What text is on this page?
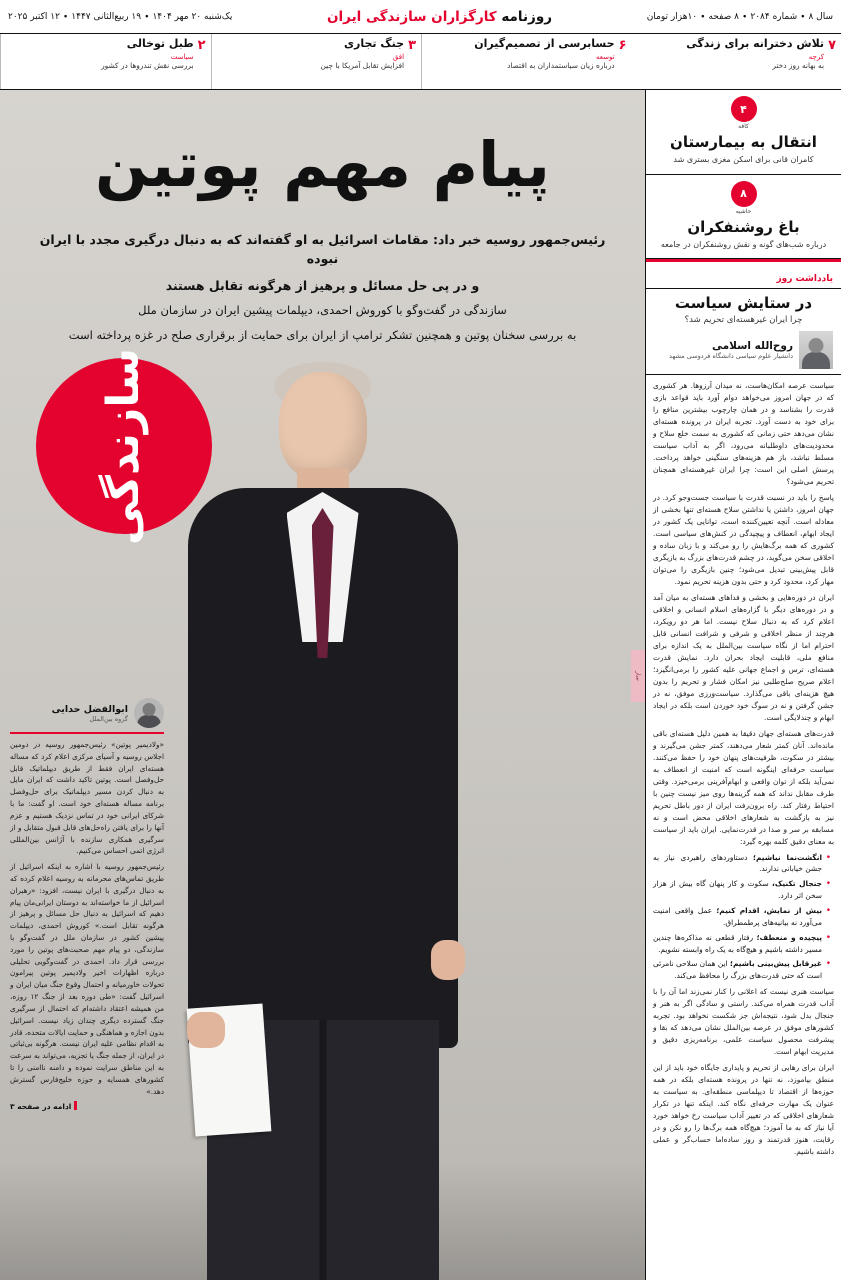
سال ۸ ∙ شماره ۲۰۸۴ ∙ ۸ صفحه ∙ ۱۰هزار تومان
روزنامه کارگزاران سازندگی ایران
یک‌شنبه ۲۰ مهر ۱۴۰۴ ∙ ۱۹ ربیع‌الثانی ۱۴۴۷ ∙ ۱۲ اکتبر ۲۰۲۵
۲
طبل توخالی
سیاست
بررسی نقش تندروها در کشور
۳
جنگ تجاری
افق
افزایش تقابل آمریکا با چین
۶
حسابرسی از تصمیم‌گیران
توسعه
درباره زیان سیاستمداران به اقتصاد
۷
تلاش دخترانه برای زندگی
کرچه
به بهانه روز دختر
۴
کافه
انتقال به بیمارستان

کامران قانی برای اسکن مغزی بستری شد

۸
حاشیه
باغ روشنفکران

درباره شب‌های گونه و نقش روشنفکران در جامعه

یادداشت روز
در ستایش سیاست
چرا ایران غیرهسته‌ای تحریم شد؟
روح‌الله اسلامی
دانشیار علوم سیاسی دانشگاه فردوسی مشهد

سیاست عرصه امکان‌هاست، نه میدان آرزوها. هر کشوری که در جهان امروز می‌خواهد دوام آورد باید قواعد بازی قدرت را بشناسد و در همان چارچوب بیشترین منافع را برای خود به دست آورد. تجربه ایران در پرونده هسته‌ای نشان می‌دهد حتی زمانی که کشوری به ‌سمت خلع سلاح و محدودیت‌های داوطلبانه می‌رود، اگر به آداب سیاست مسلط نباشد، باز هم هزینه‌های سنگینی خواهد پرداخت. پرسش اصلی این است: چرا ایران غیرهسته‌ای همچنان تحریم می‌شود؟

پاسخ را باید در نسبت قدرت با سیاست جست‌وجو کرد. در جهان امروز، داشتن یا نداشتن سلاح هسته‌ای تنها بخشی از معادله است. آنچه تعیین‌کننده است، توانایی یک کشور در ایجاد ابهام، انعطاف و پیچیدگی در کنش‌های سیاسی است. کشوری که همه برگ‌هایش را رو می‌کند و با زبان ساده و اخلاقی سخن می‌گوید، در چشم قدرت‌های بزرگ به بازیگری قابل پیش‌بینی تبدیل می‌شود؛ چنین بازیگری را می‌توان مهار کرد، محدود کرد و حتی بدون هزینه تحریم نمود.

ایران در دوره‌هایی و بخشی و فداهای هسته‌ای به میان آمد و در دوره‌های دیگر با گزاره‌های اسلام انسانی و اخلاقی اعلام کرد که به دنبال سلاح نیست. اما هر دو رویکرد، هرچند از منظر اخلاقی و شرفی و شرافت انسانی قابل احترام اما از نگاه سیاست بین‌الملل به یک اندازه برای منافع ملی، قابلیت ایجاد بحران دارد. نمایش قدرت هسته‌ای، ترس و اجماع جهانی علیه کشور را برمی‌انگیزد؛ اعلام صریح صلح‌طلبی نیز امکان فشار و تحریم را بدون هیچ هزینه‌ای باقی می‌گذارد. سیاست‌ورزی موفق، نه در جشن گرفتن و نه در سوگ خود خوردن است بلکه در ایجاد ابهام و چندلایگی است.

قدرت‌های هسته‌ای جهان دقیقا به همین دلیل هسته‌ای باقی مانده‌اند. آنان کمتر شعار می‌دهند، کمتر جشن می‌گیرند و بیشتر در سکوت، ظرفیت‌های پنهان خود را حفظ می‌کنند. سیاست حرفه‌ای اینگونه است که امنیت از انعطاف به‌ نمی‌آید بلکه از توان واقعی و ابهام‌آفرینی برمی‌خیزد. وقتی طرف مقابل نداند که همه گزینه‌ها روی میز نیست چنین با احتیاط رفتار کند. راه برون‌رفت ایران از دور باطل تحریم نیز به بازگشت به شعارهای اخلاقی محض است و نه مسابقه بر سر و صدا در قدرت‌نمایی. ایران باید از سیاست به معنای دقیق کلمه بهره گیرد:

• انگشت‌نما نباشیم؛ دستاوردهای راهبردی نیاز به جشن خیابانی ندارند.
• جنجال تکنیک، سکوت و کار پنهان گاه بیش از هزار سخن اثر دارد.
• بیش از نمایش، اقدام کنیم؛ عمل واقعی امنیت می‌آورد نه بیانیه‌های پرطمطراق.
• پیچیده و منعطف؛ رفتار قطعی نه مذاکره‌ها چندین مسیر داشته باشیم و هیچ‌گاه به یک راه وابسته نشویم.
• غیرقابل پیش‌بینی باشیم؛ این همان سلاحی نامرئی است که حتی قدرت‌های بزرگ را محافظ می‌کند.

سیاست هنری نیست که اعلانی را کنار نمی‌زند اما آن را با آداب قدرت همراه می‌کند. راستی و سادگی اگر به هنر و جنجال بدل شود، نتیجه‌اش جز شکست نخواهد بود. تجربه کشورهای موفق در عرصه بین‌الملل نشان می‌دهد که بقا و پیشرفت محصول سیاست علمی، برنامه‌ریزی دقیق و مدیریت ابهام است.

ایران برای رهایی از تحریم و پایداری جایگاه خود باید از این منطق بیاموزد، نه تنها در پرونده هسته‌ای بلکه در همه حوزه‌ها از اقتصاد تا دیپلماسی منطقه‌ای. به سیاست به عنوان یک مهارت حرفه‌ای نگاه کند. اینکه تنها در تکرار شعارهای اخلاقی که در تغییر آداب سیاست رخ خواهد خورد آیا نیاز که به ما آموزد؛ هیچ‌گاه همه برگ‌ها را رو نکن و در رقابت، هنوز قدرتمند و روز ساده‌اما حساب‌گر و عملی داشته باشیم.

سار
پیام مهم پوتین

رئیس‌جمهور روسیه خبر داد: مقامات اسرائیل به او گفته‌اند که به دنبال درگیری مجدد با ایران نبوده

و در پی حل مسائل و پرهیز از هرگونه تقابل هستند

سازندگی در گفت‌وگو با کوروش احمدی، دیپلمات پیشین ایران در سازمان ملل

به بررسی سخنان پوتین و همچنین تشکر ترامپ از ایران برای حمایت از برقراری صلح در غزه پرداخته است

سازندگی
ابوالفضل حدایی
گروه بین‌الملل

«ولادیمیر پوتین» رئیس‌جمهور روسیه در دومین اجلاس روسیه و آسیای مرکزی اعلام کرد که مساله هسته‌ای ایران فقط از طریق دیپلماتیک قابل حل‌وفصل است. پوتین تاکید داشت که ایران مایل به دنبال کردن مسیر دیپلماتیک برای حل‌وفصل برنامه مساله هسته‌ای خود است. او گفت: ما با شرکای ایرانی خود در تماس نزدیک هستیم و عزم آنها را برای یافتن راه‌حل‌های قابل قبول متقابل و از سرگیری همکاری سازنده با آژانس بین‌المللی انرژی اتمی احساس می‌کنیم.

رئیس‌جمهور روسیه با اشاره به اینکه اسرائیل از طریق تماس‌های محرمانه به روسیه اعلام کرده که به دنبال درگیری با ایران نیست، افزود: «رهبران اسرائیل از ما خواسته‌اند به دوستان ایرانی‌مان پیام دهیم که اسرائیل به دنبال حل مسائل و پرهیز از هرگونه تقابل است.» کوروش احمدی، دیپلمات پیشین کشور در سازمان ملل در گفت‌وگو با سازندگی، دو پیام مهم صحبت‌های پوتین را مورد بررسی قرار داد. احمدی در گفت‌وگویی تحلیلی درباره اظهارات اخیر ولادیمیر پوتین پیرامون تحولات خاورمیانه و احتمال وقوع جنگ میان ایران و اسرائیل گفت: «طی دوره بعد از جنگ ۱۲ روزه، من همیشه اعتقاد داشته‌ام که احتمال از سرگیری جنگ گسترده دیگری چندان زیاد نیست. اسرائیل بدون اجازه و هماهنگی و حمایت ایالات متحده، قادر به اقدام نظامی علیه ایران نیست. هرگونه بی‌ثباتی در ایران، از جمله جنگ یا تجزیه، می‌تواند به سرعت به این مناطق سرایت نموده و دامنه ناامنی را تا کشورهای همسایه و حوزه خلیج‌فارس گسترش دهد.»

ادامه در صفحه ۳
